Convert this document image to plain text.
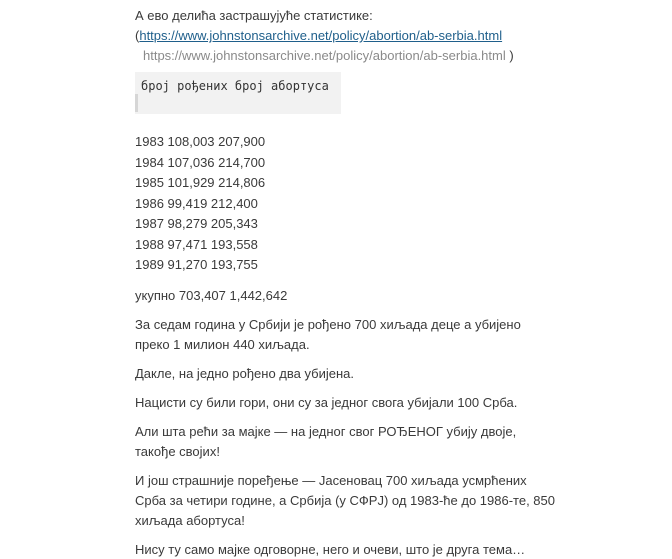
А ево делића застрашујуће статистике:
(https://www.johnstonsarchive.net/policy/abortion/ab-serbia.html
https://www.johnstonsarchive.net/policy/abortion/ab-serbia.html )
број рођених број абортуса
1983 108,003 207,900
1984 107,036 214,700
1985 101,929 214,806
1986 99,419 212,400
1987 98,279 205,343
1988 97,471 193,558
1989 91,270 193,755
укупно 703,407 1,442,642
За седам година у Србији је рођено 700 хиљада деце а убијено преко 1 милион 440 хиљада.
Дакле, на једно рођено два убијена.
Нацисти су били гори, они су за једног свога убијали 100 Срба.
Али шта рећи за мајке — на једног свог РОЂЕНОГ убију двоје, такође својих!
И још страшније поређење — Јасеновац 700 хиљада усмрћених Срба за четири године, а Србија (у СФРЈ) од 1983-ће до 1986-те, 850 хиљада абортуса!
Нису ту само мајке одговорне, него и очеви, што је друга тема…
